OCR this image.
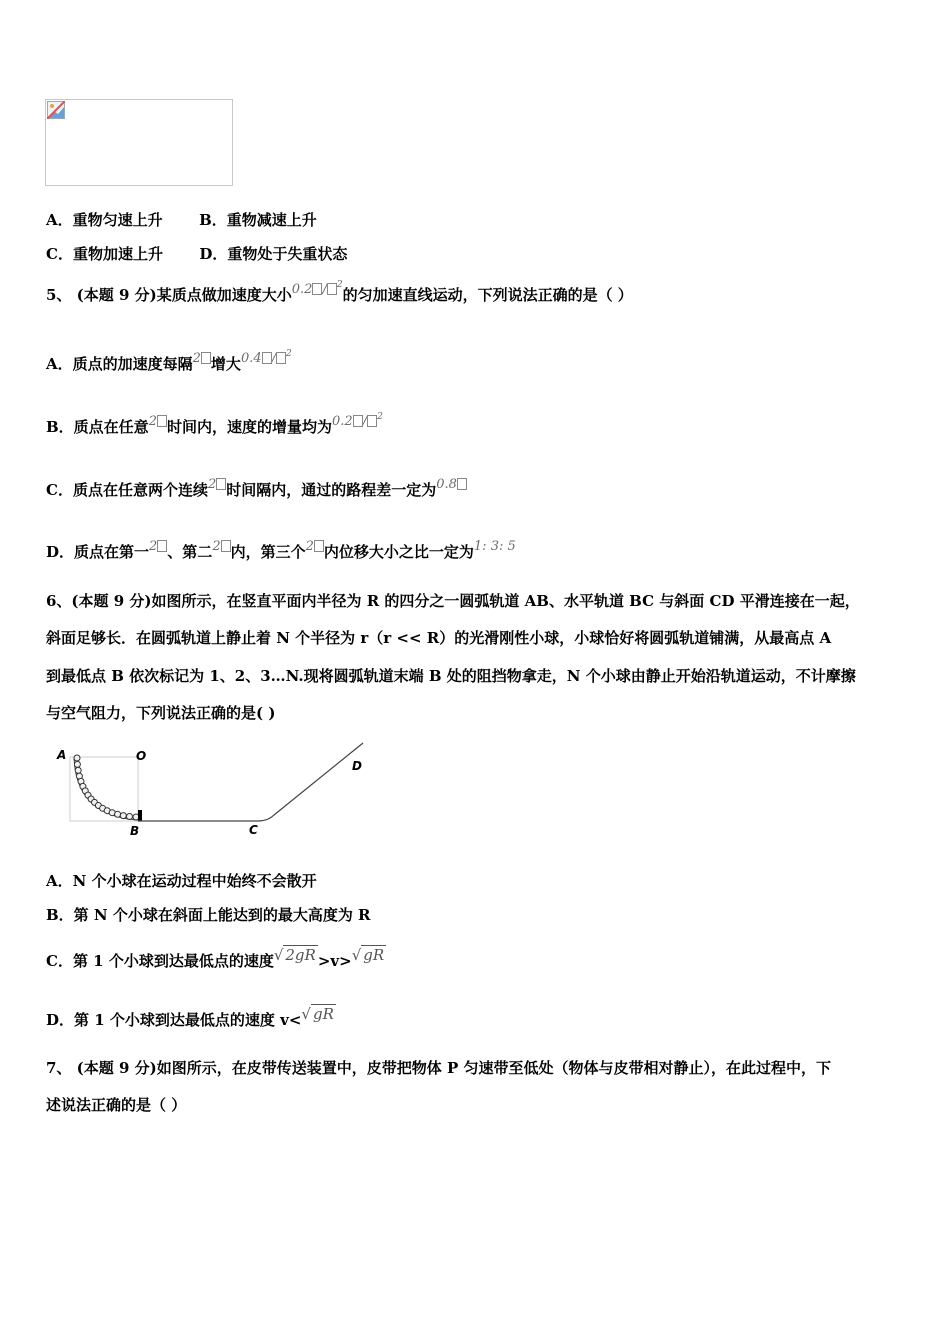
A．重物匀速上升 B．重物减速上升
C．重物加速上升 D．重物处于失重状态
5、 (本题 9 分)某质点做加速度大小0.2 / $^2$的匀加速直线运动，下列说法正确的是（ ）
A．质点的加速度每隔2 增大0.4 / $^2$
B．质点在任意2 时间内，速度的增量均为0.2 / $^2$
C．质点在任意两个连续2 时间隔内，通过的路程差一定为0.8
D．质点在第一2 、第二2 内，第三个2 内位移大小之比一定为1: 3: 5
6、(本题 9 分)如图所示，在竖直平面内半径为 R 的四分之一圆弧轨道 AB、水平轨道 BC 与斜面 CD 平滑连接在一起，
斜面足够长．在圆弧轨道上静止着 N 个半径为 r（r << R）的光滑刚性小球，小球恰好将圆弧轨道铺满，从最高点 A
到最低点 B 依次标记为 1、2、3…N.现将圆弧轨道末端 B 处的阻挡物拿走，N 个小球由静止开始沿轨道运动，不计摩擦
与空气阻力，下列说法正确的是( )
A	O
B	C
D
A．N 个小球在运动过程中始终不会散开
B．第 N 个小球在斜面上能达到的最大高度为 R
C．第 1 个小球到达最低点的速度√ 2gR >v>√ gR
D．第 1 个小球到达最低点的速度 v<√ gR
7、 (本题 9 分)如图所示，在皮带传送装置中，皮带把物体 P 匀速带至低处（物体与皮带相对静止），在此过程中，下
述说法正确的是（ ）
